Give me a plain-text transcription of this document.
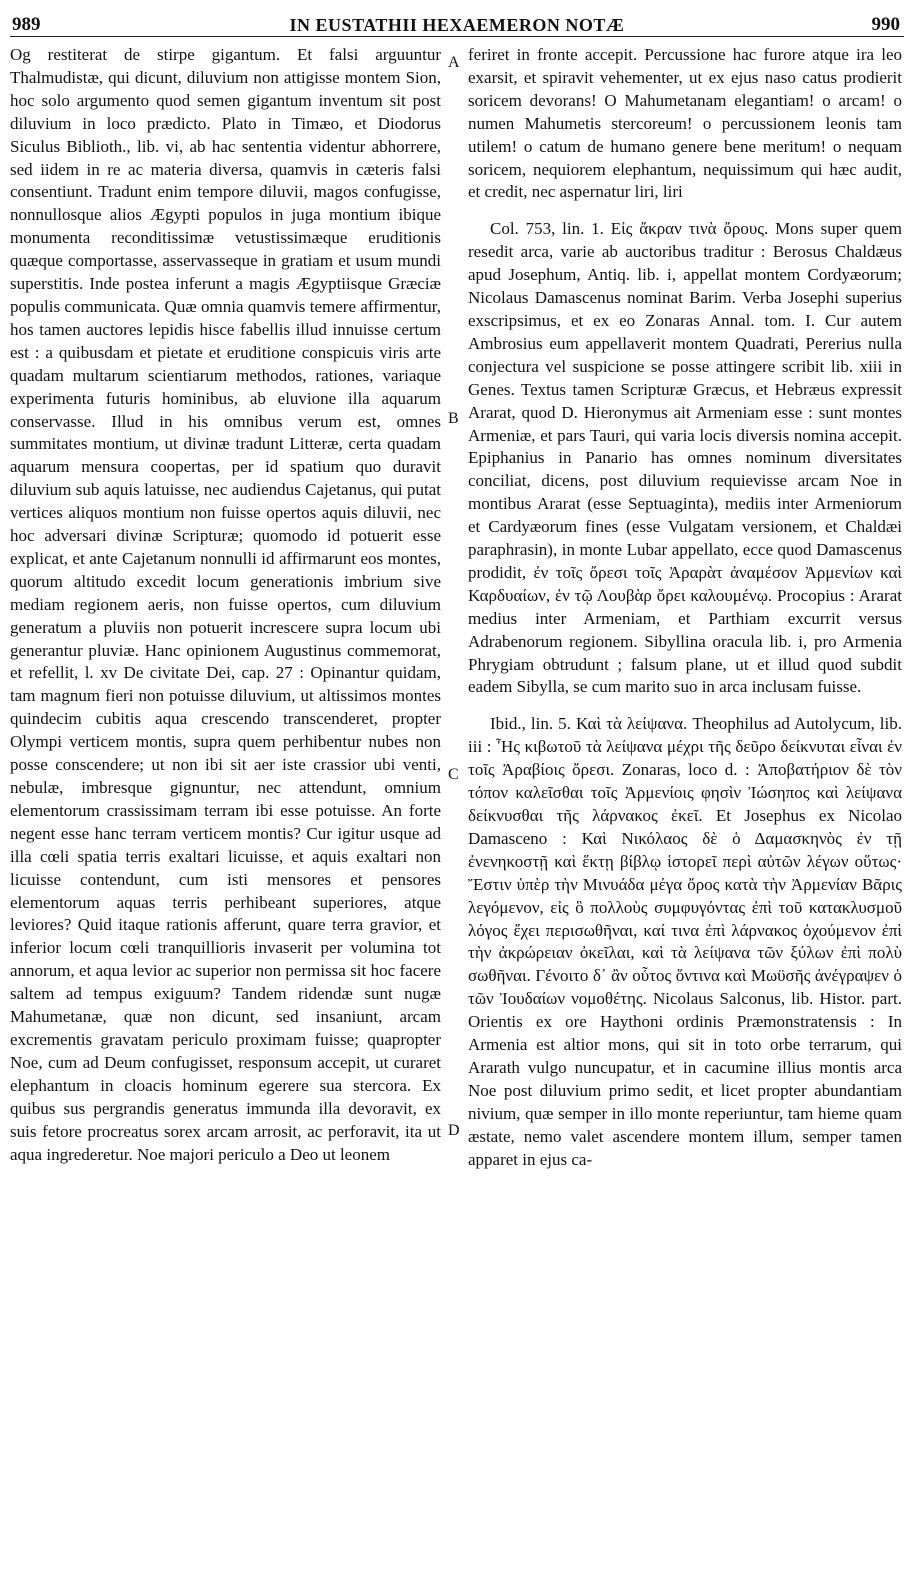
989	IN EUSTATHII HEXAEMERON NOTÆ	990

Og restiterat de stirpe gigantum. Et falsi arguuntur Thalmudistæ, qui dicunt, diluvium non attigisse montem Sion, hoc solo argumento quod semen gigantum inventum sit post diluvium in loco prædicto. Plato in Timæo, et Diodorus Siculus Biblioth., lib. vi, ab hac sententia videntur abhorrere, sed iidem in re ac materia diversa, quamvis in cæteris falsi consentiunt. Tradunt enim tempore diluvii, magos confugisse, nonnullosque alios Ægypti populos in juga montium ibique monumenta reconditissimæ vetustissimæque eruditionis quæque comportasse, asservasseque in gratiam et usum mundi superstitis. Inde postea inferunt a magis Ægyptiisque Græciæ populis communicata. Quæ omnia quamvis temere affirmentur, hos tamen auctores lepidis hisce fabellis illud innuisse certum est : a quibusdam et pietate et eruditione conspicuis viris arte quadam multarum scientiarum methodos, rationes, variaque experimenta futuris hominibus, ab eluvione illa aquarum conservasse. Illud in his omnibus verum est, omnes summitates montium, ut divinæ tradunt Litteræ, certa quadam aquarum mensura coopertas, per id spatium quo duravit diluvium sub aquis latuisse, nec audiendus Cajetanus, qui putat vertices aliquos montium non fuisse opertos aquis diluvii, nec hoc adversari divinæ Scripturæ; quomodo id potuerit esse explicat, et ante Cajetanum nonnulli id affirmarunt eos montes, quorum altitudo excedit locum generationis imbrium sive mediam regionem aeris, non fuisse opertos, cum diluvium generatum a pluviis non potuerit increscere supra locum ubi generantur pluviæ. Hanc opinionem Augustinus commemorat, et refellit, l. xv De civitate Dei, cap. 27 : Opinantur quidam, tam magnum fieri non potuisse diluvium, ut altissimos montes quindecim cubitis aqua crescendo transcenderet, propter Olympi verticem montis, supra quem perhibentur nubes non posse conscendere; ut non ibi sit aer iste crassior ubi venti, nebulæ, imbresque gignuntur, nec attendunt, omnium elementorum crassissimam terram ibi esse potuisse. An forte negent esse hanc terram verticem montis? Cur igitur usque ad illa cœli spatia terris exaltari licuisse, et aquis exaltari non licuisse contendunt, cum isti mensores et pensores elementorum aquas terris perhibeant superiores, atque leviores? Quid itaque rationis afferunt, quare terra gravior, et inferior locum cœli tranquillioris invaserit per volumina tot annorum, et aqua levior ac superior non permissa sit hoc facere saltem ad tempus exiguum? Tandem ridendæ sunt nugæ Mahumetanæ, quæ non dicunt, sed insaniunt, arcam excrementis gravatam periculo proximam fuisse; quapropter Noe, cum ad Deum confugisset, responsum accepit, ut curaret elephantum in cloacis hominum egerere sua stercora. Ex quibus sus pergrandis generatus immunda illa devoravit, ex suis fetore procreatus sorex arcam arrosit, ac perforavit, ita ut aqua ingrederetur. Noe majori periculo a Deo ut leonem

A
B
C
D

feriret in fronte accepit. Percussione hac furore atque ira leo exarsit, et spiravit vehementer, ut ex ejus naso catus prodierit soricem devorans! O Mahumetanam elegantiam! o arcam! o numen Mahumetis stercoreum! o percussionem leonis tam utilem! o catum de humano genere bene meritum! o nequam soricem, nequiorem elephantum, nequissimum qui hæc audit, et credit, nec aspernatur liri, liri

Col. 753, lin. 1. Εἰς ἄκραν τινὰ ὄρους. Mons super quem resedit arca, varie ab auctoribus traditur : Berosus Chaldæus apud Josephum, Antiq. lib. i, appellat montem Cordyæorum; Nicolaus Damascenus nominat Barim. Verba Josephi superius exscripsimus, et ex eo Zonaras Annal. tom. I. Cur autem Ambrosius eum appellaverit montem Quadrati, Pererius nulla conjectura vel suspicione se posse attingere scribit lib. xiii in Genes. Textus tamen Scripturæ Græcus, et Hebræus expressit Ararat, quod D. Hieronymus ait Armeniam esse : sunt montes Armeniæ, et pars Tauri, qui varia locis diversis nomina accepit. Epiphanius in Panario has omnes nominum diversitates conciliat, dicens, post diluvium requievisse arcam Noe in montibus Ararat (esse Septuaginta), mediis inter Armeniorum et Cardyæorum fines (esse Vulgatam versionem, et Chaldæi paraphrasin), in monte Lubar appellato, ecce quod Damascenus prodidit, ἐν τοῖς ὄρεσι τοῖς Ἀραρὰτ ἀναμέσον Ἀρμενίων καὶ Καρδυαίων, ἐν τῷ Λουβὰρ ὄρει καλουμένῳ. Procopius : Ararat medius inter Armeniam, et Parthiam excurrit versus Adrabenorum regionem. Sibyllina oracula lib. i, pro Armenia Phrygiam obtrudunt ; falsum plane, ut et illud quod subdit eadem Sibylla, se cum marito suo in arca inclusam fuisse.

Ibid., lin. 5. Καὶ τὰ λείψανα. Theophilus ad Autolycum, lib. iii : Ἧς κιβωτοῦ τὰ λείψανα μέχρι τῆς δεῦρο δείκνυται εἶναι ἐν τοῖς Ἀραβίοις ὄρεσι. Zonaras, loco d. : Ἀποβατήριον δὲ τὸν τόπον καλεῖσθαι τοῖς Ἀρμενίοις φησὶν Ἰώσηπος καὶ λείψανα δείκνυσθαι τῆς λάρνακος ἐκεῖ. Et Josephus ex Nicolao Damasceno : Καὶ Νικόλαος δὲ ὁ Δαμασκηνὸς ἐν τῇ ἐνενηκοστῇ καὶ ἕκτῃ βίβλῳ ἱστορεῖ περὶ αὐτῶν λέγων οὕτως· Ἔστιν ὑπὲρ τὴν Μινυάδα μέγα ὄρος κατὰ τὴν Ἀρμενίαν Βᾶρις λεγόμενον, εἰς ὃ πολλοὺς συμφυγόντας ἐπὶ τοῦ κατακλυσμοῦ λόγος ἔχει περισωθῆναι, καί τινα ἐπὶ λάρνακος ὀχούμενον ἐπὶ τὴν ἀκρώρειαν ὀκεῖλαι, καὶ τὰ λείψανα τῶν ξύλων ἐπὶ πολὺ σωθῆναι. Γένοιτο δ᾽ ἂν οὗτος ὅντινα καὶ Μωϋσῆς ἀνέγραψεν ὁ τῶν Ἰουδαίων νομοθέτης. Nicolaus Salconus, lib. Histor. part. Orientis ex ore Haythoni ordinis Præmonstratensis : In Armenia est altior mons, qui sit in toto orbe terrarum, qui Ararath vulgo nuncupatur, et in cacumine illius montis arca Noe post diluvium primo sedit, et licet propter abundantiam nivium, quæ semper in illo monte reperiuntur, tam hieme quam æstate, nemo valet ascendere montem illum, semper tamen apparet in ejus ca-
